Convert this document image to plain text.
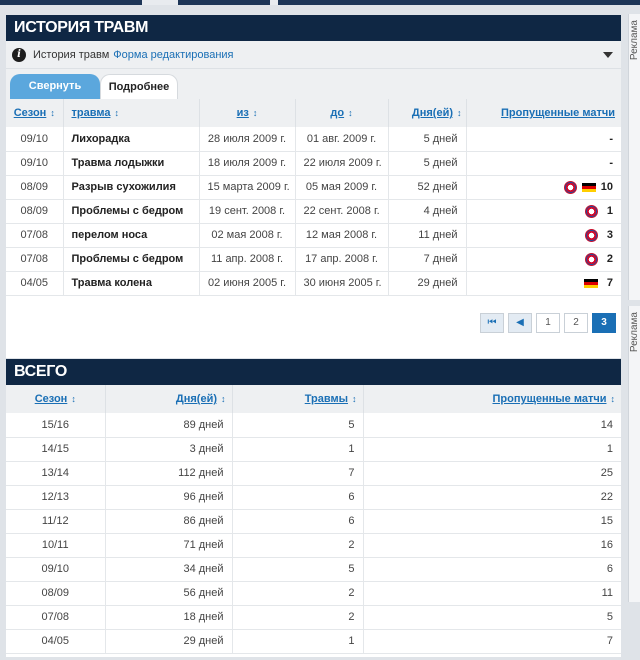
Реклама
Реклама
ИСТОРИЯ ТРАВМ
i	История травм Форма редактирования
Свернуть	Подробнее
Сезон ↕	травма ↕	из ↕	до ↕	Дня(ей) ↕	Пропущенные матчи
09/10	Лихорадка	28 июля 2009 г.	01 авг. 2009 г.	5 дней	-

09/10	Травма лодыжки	18 июля 2009 г.	22 июля 2009 г.	5 дней	-

08/09	Разрыв сухожилия	15 марта 2009 г.	05 мая 2009 г.	52 дней	10

08/09	Проблемы с бедром	19 сент. 2008 г.	22 сент. 2008 г.	4 дней	1

07/08	перелом носа	02 мая 2008 г.	12 мая 2008 г.	11 дней	3

07/08	Проблемы с бедром	11 апр. 2008 г.	17 апр. 2008 г.	7 дней	2

04/05	Травма колена	02 июня 2005 г.	30 июня 2005 г.	29 дней	7
⏮	◀	1	2	3
ВСЕГО
Сезон ↕	Дня(ей) ↕	Травмы ↕	Пропущенные матчи ↕
15/16	89 дней	5	14
14/15	3 дней	1	1
13/14	112 дней	7	25
12/13	96 дней	6	22
11/12	86 дней	6	15
10/11	71 дней	2	16
09/10	34 дней	5	6
08/09	56 дней	2	11
07/08	18 дней	2	5
04/05	29 дней	1	7
